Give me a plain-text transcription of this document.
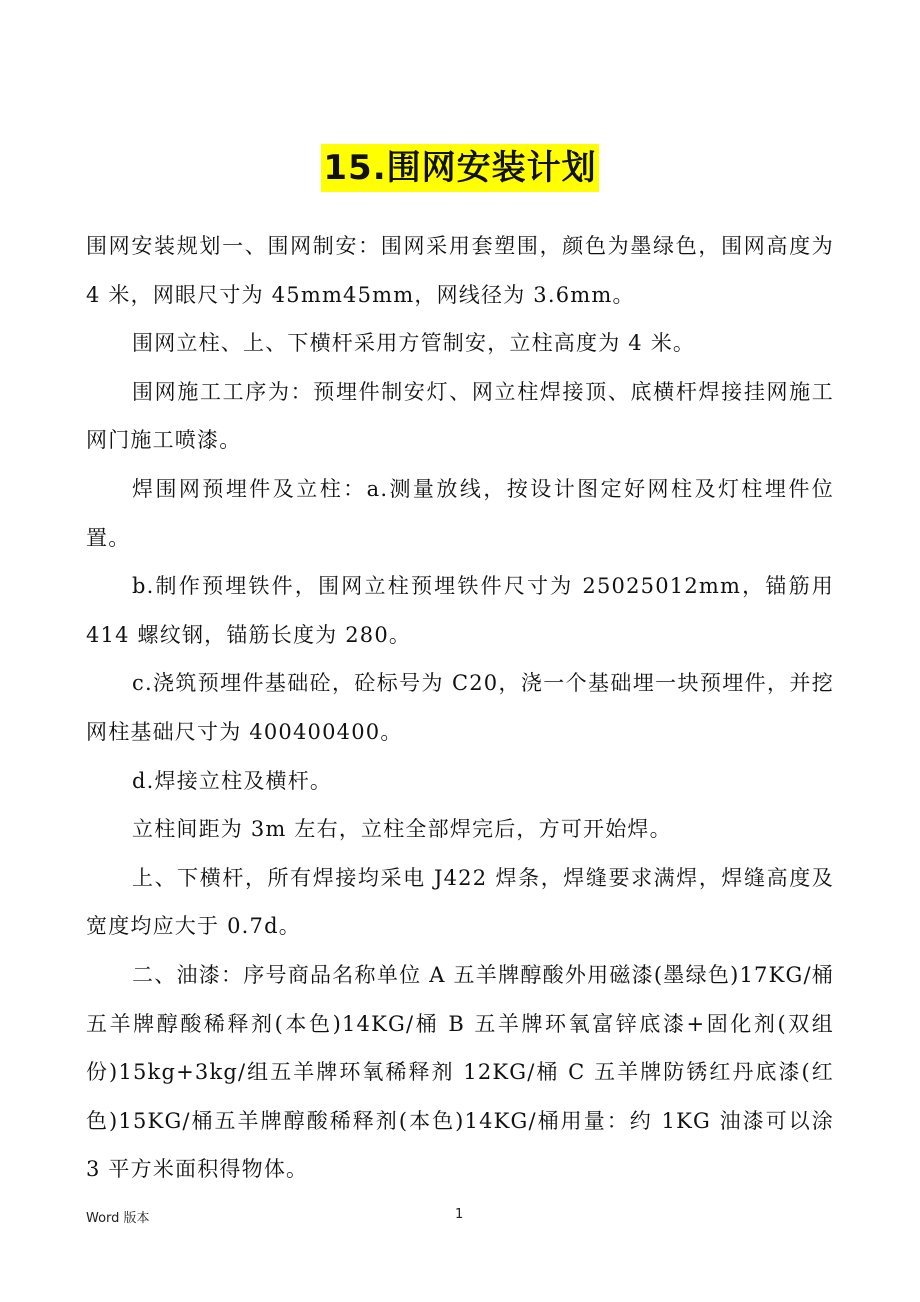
15.围网安装计划

围网安装规划一、围网制安：围网采用套塑围，颜色为墨绿色，围网高度为 4 米，网眼尺寸为 45mm45mm，网线径为 3.6mm。

围网立柱、上、下横杆采用方管制安，立柱高度为 4 米。

围网施工工序为：预埋件制安灯、网立柱焊接顶、底横杆焊接挂网施工网门施工喷漆。

焊围网预埋件及立柱：a.测量放线，按设计图定好网柱及灯柱埋件位置。

b.制作预埋铁件，围网立柱预埋铁件尺寸为 25025012mm，锚筋用 414 螺纹钢，锚筋长度为 280。

c.浇筑预埋件基础砼，砼标号为 C20，浇一个基础埋一块预埋件，并挖网柱基础尺寸为 400400400。

d.焊接立柱及横杆。

立柱间距为 3m 左右，立柱全部焊完后，方可开始焊。

上、下横杆，所有焊接均采电 J422 焊条，焊缝要求满焊，焊缝高度及宽度均应大于 0.7d。

二、油漆：序号商品名称单位 A 五羊牌醇酸外用磁漆(墨绿色)17KG/桶五羊牌醇酸稀释剂(本色)14KG/桶 B 五羊牌环氧富锌底漆+固化剂(双组份)15kg+3kg/组五羊牌环氧稀释剂 12KG/桶 C 五羊牌防锈红丹底漆(红色)15KG/桶五羊牌醇酸稀释剂(本色)14KG/桶用量：约 1KG 油漆可以涂 3 平方米面积得物体。

Word 版本	1
